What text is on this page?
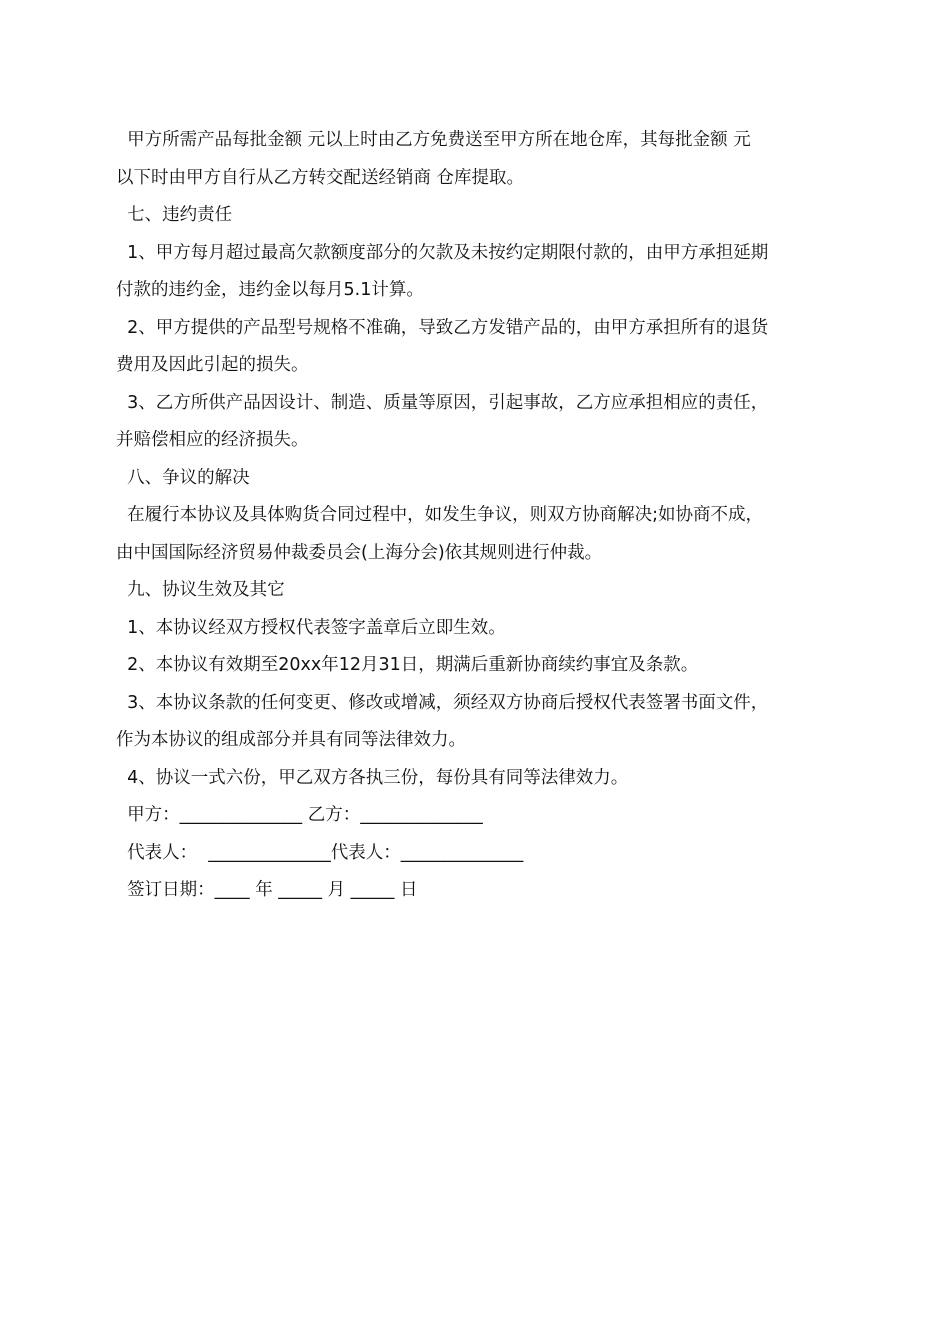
甲方所需产品每批金额 元以上时由乙方免费送至甲方所在地仓库，其每批金额 元
以下时由甲方自行从乙方转交配送经销商 仓库提取。
七、违约责任
1、甲方每月超过最高欠款额度部分的欠款及未按约定期限付款的，由甲方承担延期
付款的违约金，违约金以每月5.1计算。
2、甲方提供的产品型号规格不准确，导致乙方发错产品的，由甲方承担所有的退货
费用及因此引起的损失。
3、乙方所供产品因设计、制造、质量等原因，引起事故，乙方应承担相应的责任，
并赔偿相应的经济损失。
八、争议的解决
在履行本协议及具体购货合同过程中，如发生争议，则双方协商解决;如协商不成，
由中国国际经济贸易仲裁委员会(上海分会)依其规则进行仲裁。
九、协议生效及其它
1、本协议经双方授权代表签字盖章后立即生效。
2、本协议有效期至20xx年12月31日，期满后重新协商续约事宜及条款。
3、本协议条款的任何变更、修改或增减，须经双方协商后授权代表签署书面文件，
作为本协议的组成部分并具有同等法律效力。
4、协议一式六份，甲乙双方各执三份，每份具有同等法律效力。
甲方：______________ 乙方：______________
代表人：  ______________代表人：______________
签订日期：____ 年 _____ 月 _____ 日
